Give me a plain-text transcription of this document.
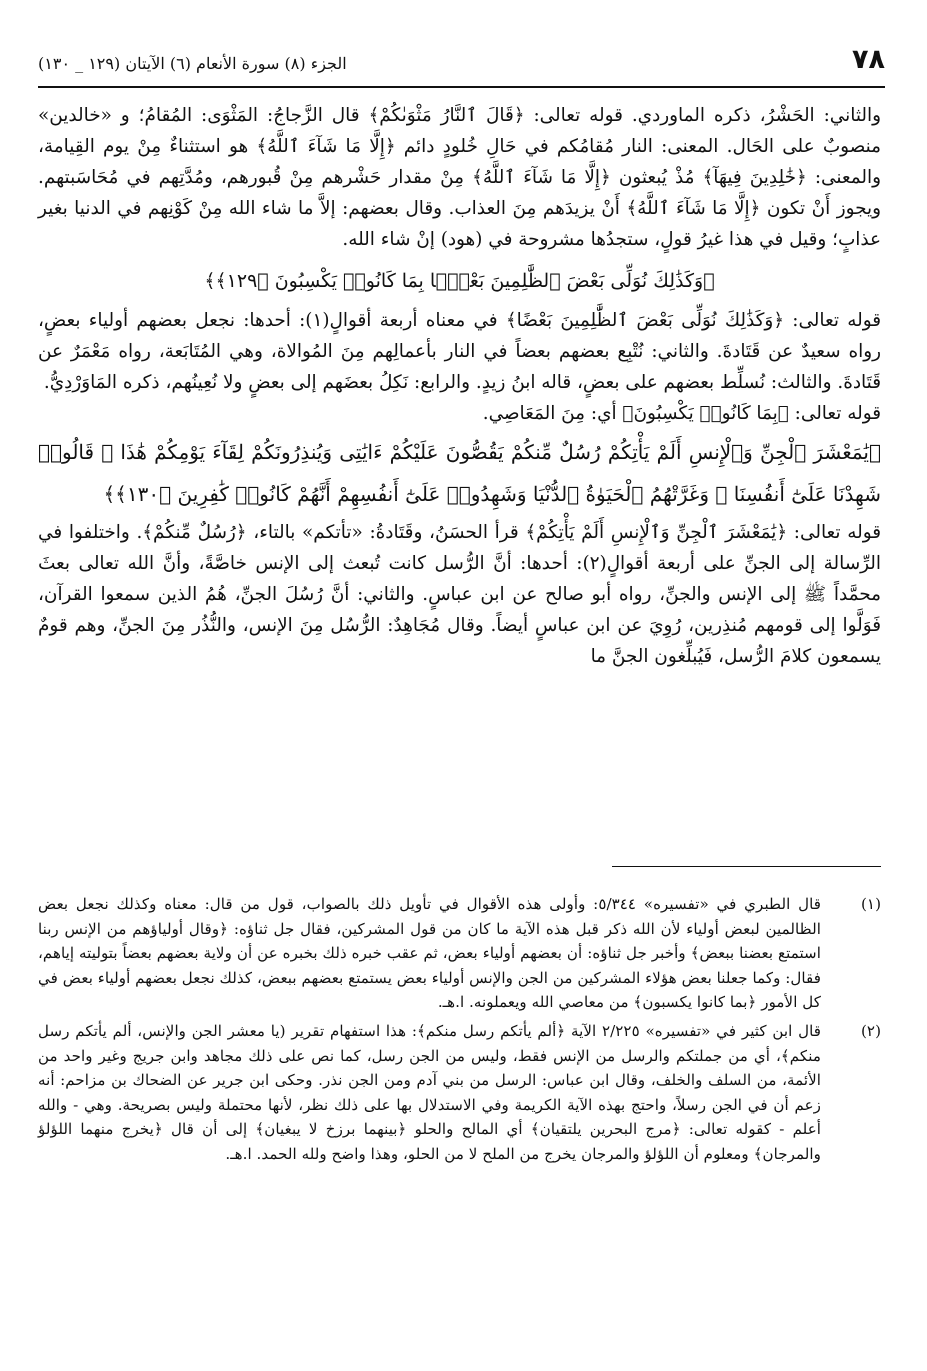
٧٨
الجزء (٨) سورة الأنعام (٦) الآيتان (١٢٩ _ ١٣٠)

والثاني: الحَشْرُ، ذكره الماوردي. قوله تعالى: ﴿قَالَ ٱلنَّارُ مَثْوَىٰكُمْ﴾ قال الزَّجاجُ: المَثْوَى: المُقامُ؛ و «خالدين» منصوبٌ على الحَال. المعنى: النار مُقامُكم في حَالِ خُلودٍ دائم ﴿إِلَّا مَا شَآءَ ٱللَّهُ﴾ هو استثناءٌ مِنْ يوم القِيامة، والمعنى: ﴿خَٰلِدِينَ فِيهَآ﴾ مُذْ يُبعثون ﴿إِلَّا مَا شَآءَ ٱللَّهُ﴾ مِنْ مقدار حَشْرهم مِنْ قُبورهم، ومُدَّتِهم في مُحَاسَبتهم. ويجوز أَنْ تكون ﴿إِلَّا مَا شَآءَ ٱللَّهُ﴾ أَنْ يزيدَهم مِنَ العذاب. وقال بعضهم: إلاَّ ما شاء الله مِنْ كَوْنِهم في الدنيا بغير عذابٍ؛ وقيل في هذا غيرُ قولٍ، ستجدُها مشروحة في (هود) إنْ شاء الله.

﴿وَكَذَٰلِكَ نُوَلِّى بَعْضَ ٱلظَّٰلِمِينَ بَعْضًۢا بِمَا كَانُوا۟ يَكْسِبُونَ ﴿١٢٩﴾﴾

قوله تعالى: ﴿وَكَذَٰلِكَ نُوَلِّى بَعْضَ ٱلظَّٰلِمِينَ بَعْضًا﴾ في معناه أربعة أقوالٍ(١): أحدها: نجعل بعضهم أولياء بعضٍ، رواه سعيدٌ عن قَتَادةَ. والثاني: نُتْبِع بعضهم بعضاً في النار بأعمالِهم مِنَ المُوالاة، وهي المُتَابَعة، رواه مَعْمَرٌ عن قَتَادةَ. والثالث: نُسلِّط بعضهم على بعضٍ، قاله ابنُ زيدٍ. والرابع: نَكِلُ بعضَهم إلى بعضٍ ولا نُعِينُهم، ذكره المَاوَرْدِيُّ.

قوله تعالى: ﴿بِمَا كَانُوا۟ يَكْسِبُونَ﴾ أي: مِنَ المَعَاصِي.

﴿يَٰمَعْشَرَ ٱلْجِنِّ وَٱلْإِنسِ أَلَمْ يَأْتِكُمْ رُسُلٌ مِّنكُمْ يَقُصُّونَ عَلَيْكُمْ ءَايَٰتِى وَيُنذِرُونَكُمْ لِقَآءَ يَوْمِكُمْ هَٰذَا ۚ قَالُوا۟ شَهِدْنَا عَلَىٰٓ أَنفُسِنَا ۖ وَغَرَّتْهُمُ ٱلْحَيَوٰةُ ٱلدُّنْيَا وَشَهِدُوا۟ عَلَىٰٓ أَنفُسِهِمْ أَنَّهُمْ كَانُوا۟ كَٰفِرِينَ ﴿١٣٠﴾﴾

قوله تعالى: ﴿يَٰمَعْشَرَ ٱلْجِنِّ وَٱلْإِنسِ أَلَمْ يَأْتِكُمْ﴾ قرأ الحسَنُ، وقَتَادةُ: «تأتكم» بالتاء، ﴿رُسُلٌ مِّنكُمْ﴾. واختلفوا في الرِّسالة إلى الجنِّ على أربعة أقوالٍ(٢): أحدها: أنَّ الرُّسل كانت تُبعث إلى الإنس خاصَّةً، وأنَّ الله تعالى بعثَ محمَّداً ﷺ إلى الإنس والجنِّ، رواه أبو صالح عن ابن عباسٍ. والثاني: أنَّ رُسُلَ الجنِّ، هُمُ الذين سمعوا القرآن، فَوَلَّوا إلى قومهم مُنذِرين، رُوِيَ عن ابن عباسٍ أيضاً. وقال مُجَاهِدٌ: الرُّسُل مِنَ الإنس، والنُّذُر مِنَ الجنِّ، وهم قومٌ يسمعون كلامَ الرُّسل، فَيُبلِّغون الجنَّ ما

(١)
قال الطبري في «تفسيره» ٥/٣٤٤: وأولى هذه الأقوال في تأويل ذلك بالصواب، قول من قال: معناه وكذلك نجعل بعض الظالمين لبعض أولياء لأن الله ذكر قبل هذه الآية ما كان من قول المشركين، فقال جل ثناؤه: ﴿وقال أولياؤهم من الإنس ربنا استمتع بعضنا ببعض﴾ وأخبر جل ثناؤه: أن بعضهم أولياء بعض، ثم عقب خبره ذلك بخبره عن أن ولاية بعضهم بعضاً بتوليته إياهم، فقال: وكما جعلنا بعض هؤلاء المشركين من الجن والإنس أولياء بعض يستمتع بعضهم ببعض، كذلك نجعل بعضهم أولياء بعض في كل الأمور ﴿بما كانوا يكسبون﴾ من معاصي الله ويعملونه. ا.هـ.

(٢)
قال ابن كثير في «تفسيره» ٢/٢٢٥ الآية ﴿ألم يأتكم رسل منكم﴾: هذا استفهام تقرير (يا معشر الجن والإنس، ألم يأتكم رسل منكم﴾، أي من جملتكم والرسل من الإنس فقط، وليس من الجن رسل، كما نص على ذلك مجاهد وابن جريج وغير واحد من الأئمة، من السلف والخلف، وقال ابن عباس: الرسل من بني آدم ومن الجن نذر. وحكى ابن جرير عن الضحاك بن مزاحم: أنه زعم أن في الجن رسلاً، واحتج بهذه الآية الكريمة وفي الاستدلال بها على ذلك نظر، لأنها محتملة وليس بصريحة. وهي - والله أعلم - كقوله تعالى: ﴿مرج البحرين يلتقيان﴾ أي المالح والحلو ﴿بينهما برزخ لا يبغيان﴾ إلى أن قال ﴿يخرج منهما اللؤلؤ والمرجان﴾ ومعلوم أن اللؤلؤ والمرجان يخرج من الملح لا من الحلو، وهذا واضح ولله الحمد. ا.هـ.
